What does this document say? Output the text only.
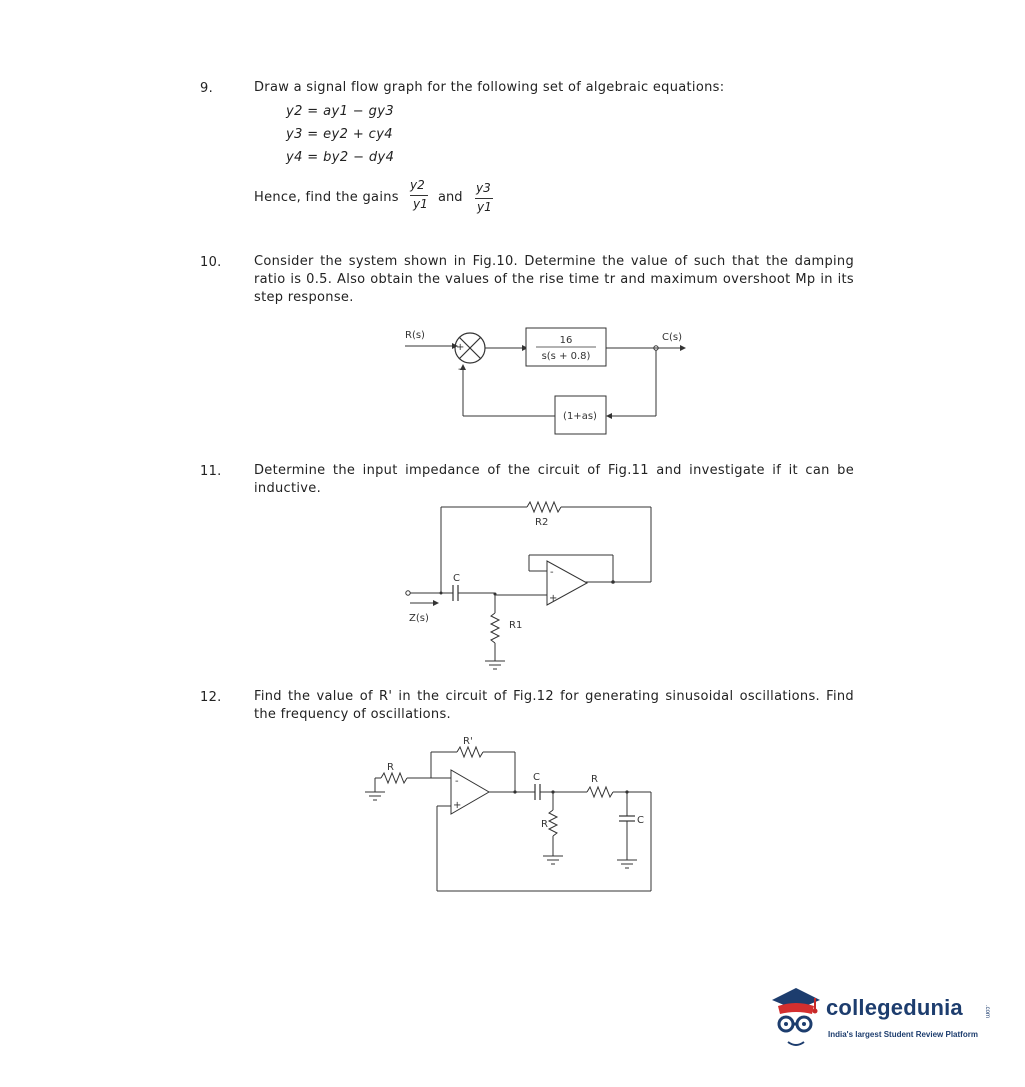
9.	Draw a signal flow graph for the following set of algebraic equations:
y2 = ay1 − gy3
y3 = ey2 + cy4
y4 = by2 − dy4
Hence, find the gains
y2
y1 and
y3
y1
10. Consider the system shown in Fig.10. Determine the value of such that the damping ratio is 0.5. Also obtain the values of the rise time tr and maximum overshoot Mp in its step response.
R(s)
+
-
16
s(s + 0.8)
C(s)
(1+as)
11. Determine the input impedance of the circuit of Fig.11 and investigate if it can be inductive.
R2
-
+
C
Z(s)
R1
12. Find the value of R' in the circuit of Fig.12 for generating sinusoidal oscillations. Find the frequency of oscillations.
R'
R
-
+
C	R
R	C
collegedunia	.com
India's largest Student Review Platform
